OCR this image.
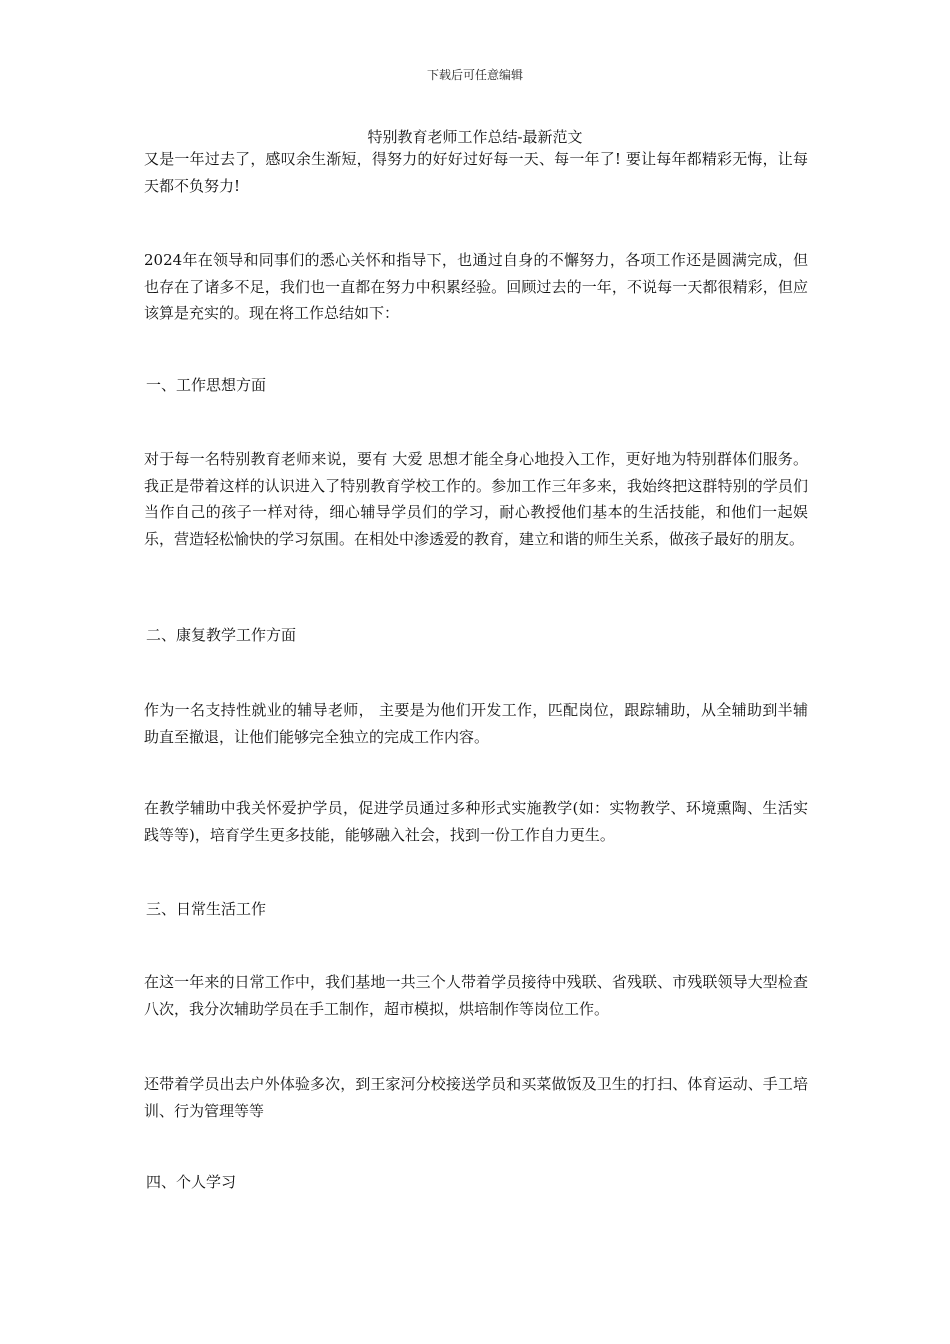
下载后可任意编辑
特别教育老师工作总结-最新范文

又是一年过去了，感叹余生渐短，得努力的好好过好每一天、每一年了! 要让每年都精彩无悔，让每天都不负努力!

2024年在领导和同事们的悉心关怀和指导下，也通过自身的不懈努力，各项工作还是圆满完成，但也存在了诸多不足，我们也一直都在努力中积累经验。回顾过去的一年，不说每一天都很精彩，但应该算是充实的。现在将工作总结如下：

一、工作思想方面

对于每一名特别教育老师来说，要有 大爱 思想才能全身心地投入工作，更好地为特别群体们服务。我正是带着这样的认识进入了特别教育学校工作的。参加工作三年多来，我始终把这群特别的学员们当作自己的孩子一样对待，细心辅导学员们的学习，耐心教授他们基本的生活技能，和他们一起娱乐，营造轻松愉快的学习氛围。在相处中渗透爱的教育，建立和谐的师生关系，做孩子最好的朋友。

二、康复教学工作方面

作为一名支持性就业的辅导老师， 主要是为他们开发工作，匹配岗位，跟踪辅助，从全辅助到半辅助直至撤退，让他们能够完全独立的完成工作内容。

在教学辅助中我关怀爱护学员，促进学员通过多种形式实施教学(如：实物教学、环境熏陶、生活实践等等)，培育学生更多技能，能够融入社会，找到一份工作自力更生。

三、日常生活工作

在这一年来的日常工作中，我们基地一共三个人带着学员接待中残联、省残联、市残联领导大型检查八次，我分次辅助学员在手工制作，超市模拟，烘培制作等岗位工作。

还带着学员出去户外体验多次，到王家河分校接送学员和买菜做饭及卫生的打扫、体育运动、手工培训、行为管理等等

四、个人学习
